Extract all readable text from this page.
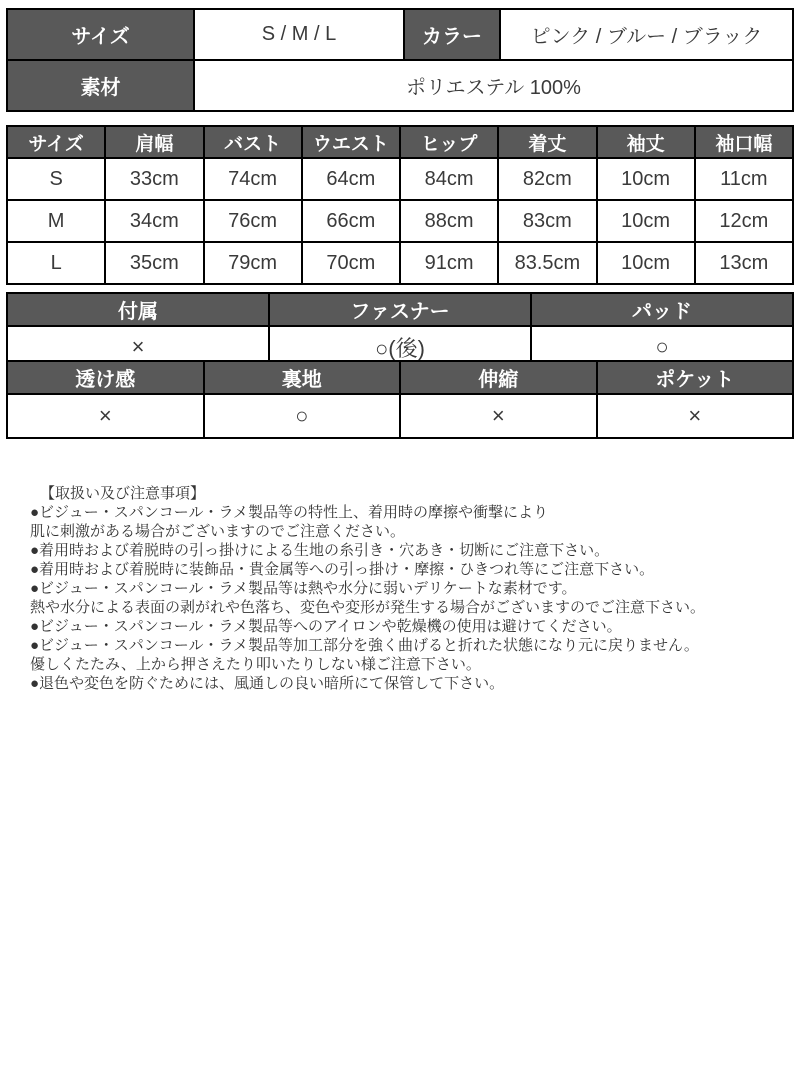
サイズ	S / M / L	カラー	ピンク / ブルー / ブラック
素材	ポリエステル 100%		
サイズ	肩幅	バスト	ウエスト	ヒップ	着丈	袖丈	袖口幅
S	33cm	74cm	64cm	84cm	82cm	10cm	11cm
M	34cm	76cm	66cm	88cm	83cm	10cm	12cm
L	35cm	79cm	70cm	91cm	83.5cm	10cm	13cm
付属	ファスナー	パッド
×	○(後)	○
透け感	裏地	伸縮	ポケット
×	○	×	×
【取扱い及び注意事項】
●ビジュー・スパンコール・ラメ製品等の特性上、着用時の摩擦や衝撃により
肌に刺激がある場合がございますのでご注意ください。
●着用時および着脱時の引っ掛けによる生地の糸引き・穴あき・切断にご注意下さい。
●着用時および着脱時に装飾品・貴金属等への引っ掛け・摩擦・ひきつれ等にご注意下さい。
●ビジュー・スパンコール・ラメ製品等は熱や水分に弱いデリケートな素材です。
熱や水分による表面の剥がれや色落ち、変色や変形が発生する場合がございますのでご注意下さい。
●ビジュー・スパンコール・ラメ製品等へのアイロンや乾燥機の使用は避けてください。
●ビジュー・スパンコール・ラメ製品等加工部分を強く曲げると折れた状態になり元に戻りません。
優しくたたみ、上から押さえたり叩いたりしない様ご注意下さい。
●退色や変色を防ぐためには、風通しの良い暗所にて保管して下さい。
